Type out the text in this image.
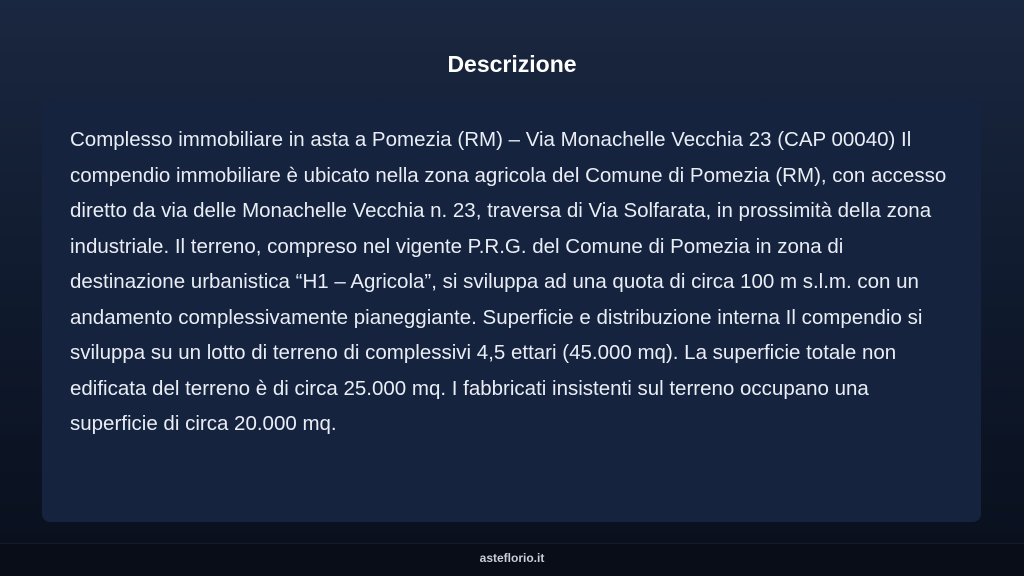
Descrizione

Complesso immobiliare in asta a Pomezia (RM) – Via Monachelle Vecchia 23 (CAP 00040) Il compendio immobiliare è ubicato nella zona agricola del Comune di Pomezia (RM), con accesso diretto da via delle Monachelle Vecchia n. 23, traversa di Via Solfarata, in prossimità della zona industriale. Il terreno, compreso nel vigente P.R.G. del Comune di Pomezia in zona di destinazione urbanistica “H1 – Agricola”, si sviluppa ad una quota di circa 100 m s.l.m. con un andamento complessivamente pianeggiante. Superficie e distribuzione interna Il compendio si sviluppa su un lotto di terreno di complessivi 4,5 ettari (45.000 mq). La superficie totale non edificata del terreno è di circa 25.000 mq. I fabbricati insistenti sul terreno occupano una superficie di circa 20.000 mq.

asteflorio.it
